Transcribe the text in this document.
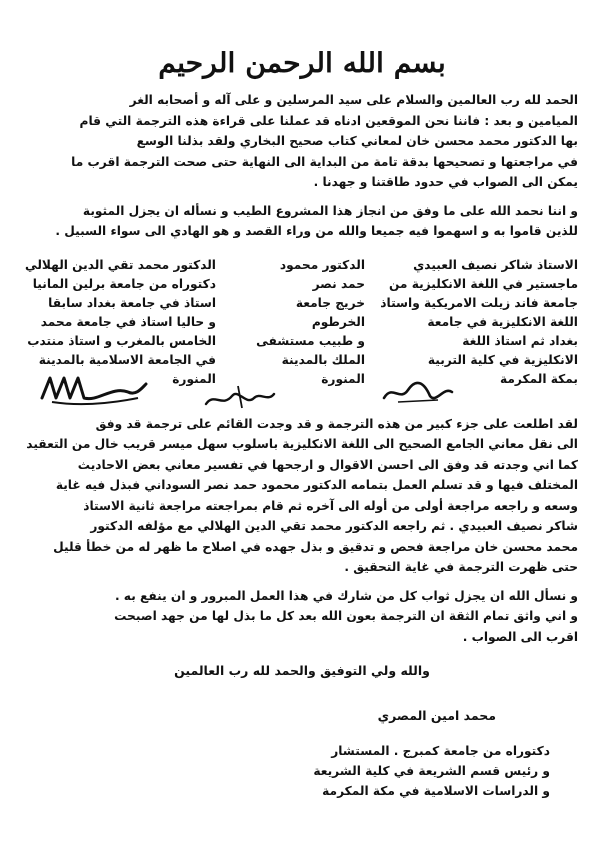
بسم الله الرحمن الرحيم
الحمد لله رب العالمين والسلام على سيد المرسلين و على آله و أصحابه الغر
الميامين و بعد : فاننا نحن الموقعين ادناه قد عملنا على قراءة هذه الترجمة التي قام
بها الدكتور محمد محسن خان لمعاني كتاب صحيح البخاري ولقد بذلنا الوسع
في مراجعتها و تصحيحها بدقة تامة من البداية الى النهاية حتى صحت الترجمة اقرب ما
يمكن الى الصواب في حدود طاقتنا و جهدنا .
و اننا نحمد الله على ما وفق من انجاز هذا المشروع الطيب و نسأله ان يجزل المثوبة
للذين قاموا به و اسهموا فيه جميعا والله من وراء القصد و هو الهادي الى سواء السبيل .
الاستاذ شاكر نصيف العبيدي
ماجستير في اللغة الانكليزية من
جامعة فاند زيلت الامريكية واستاذ
اللغة الانكليزية في جامعة
بغداد ثم استاذ اللغة
الانكليزية في كلية التربية
بمكة المكرمة
الدكتور محمود
حمد نصر
خريج جامعة
الخرطوم
و طبيب مستشفى
الملك بالمدينة
المنورة
الدكتور محمد تقي الدين الهلالي
دكتوراه من جامعة برلين المانيا
استاذ في جامعة بغداد سابقا
و حاليا استاذ في جامعة محمد
الخامس بالمغرب و استاذ منتدب
في الجامعة الاسلامية بالمدينة
المنورة
لقد اطلعت على جزء كبير من هذه الترجمة و قد وجدت القائم على ترجمة قد وفق
الى نقل معاني الجامع الصحيح الى اللغة الانكليزية باسلوب سهل ميسر قريب خال من التعقيد
كما اني وجدته قد وفق الى احسن الاقوال و ارجحها في تفسير معاني بعض الاحاديث
المختلف فيها و قد تسلم العمل بتمامه الدكتور محمود حمد نصر السوداني فبذل فيه غاية
وسعه و راجعه مراجعة أولى من أوله الى آخره ثم قام بمراجعته مراجعة ثانية الاستاذ
شاكر نصيف العبيدي . ثم راجعه الدكتور محمد تقي الدين الهلالي مع مؤلفه الدكتور
محمد محسن خان مراجعة فحص و تدقيق و بذل جهده في اصلاح ما ظهر له من خطأ قليل
حتى ظهرت الترجمة في غاية التحقيق .
و نسأل الله ان يجزل ثواب كل من شارك في هذا العمل المبرور و ان ينفع به .
و اني واثق تمام الثقة ان الترجمة بعون الله بعد كل ما بذل لها من جهد اصبحت
اقرب الى الصواب .
والله ولي التوفيق والحمد لله رب العالمين
محمد امين المصري
دكتوراه من جامعة كمبرج . المستشار
و رئيس قسم الشريعة في كلية الشريعة
و الدراسات الاسلامية في مكة المكرمة
